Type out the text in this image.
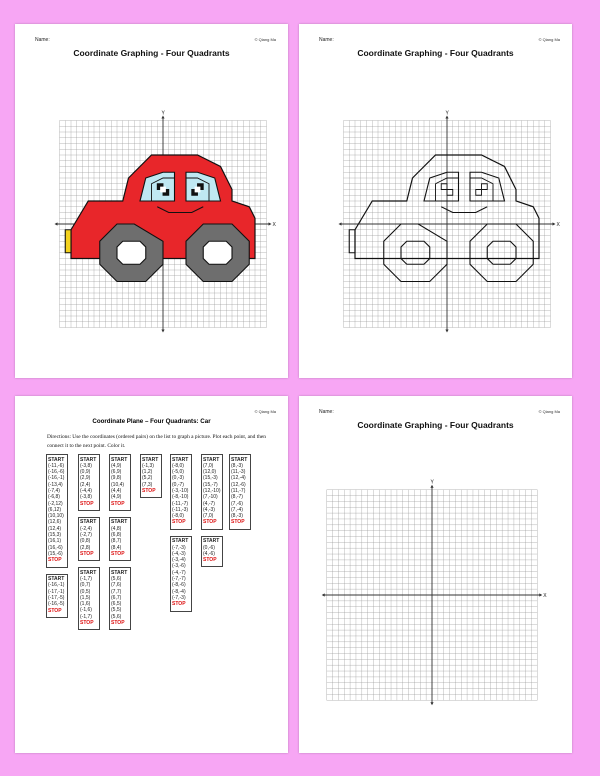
Name:	© Qiang Ma
Coordinate Graphing - Four Quadrants
X
Y
Name:	© Qiang Ma
Coordinate Graphing - Four Quadrants
X
Y
© Qiang Ma
Coordinate Plane – Four Quadrants: Car
Directions: Use the coordinates (ordered pairs) on the list to graph a picture. Plot each point, and then connect it to the next point. Color it.
START
(-11,-6)
(-16,-6)
(-16,-1)
(-13,4)
(-7,4)
(-6,8)
(-2,12)
(6,12)
(10,10)
(12,6)
(12,4)
(15,3)
(16,1)
(16,-6)
(15,-6)
STOP
START
(-16,-1)
(-17,-1)
(-17,-5)
(-16,-5)
STOP
START
(-3,8)
(0,9)
(2,9)
(2,4)
(-4,4)
(-3,8)
STOP
START
(-2,4)
(-2,7)
(0,8)
(2,8)
STOP
START
(-1,7)
(0,7)
(0,5)
(1,5)
(1,6)
(-1,6)
(-1,7)
STOP
START
(4,9)
(6,9)
(9,8)
(10,4)
(4,4)
(4,9)
STOP
START
(4,8)
(6,8)
(8,7)
(8,4)
STOP
START
(5,6)
(7,6)
(7,7)
(6,7)
(6,5)
(5,5)
(5,6)
STOP
START
(-1,3)
(1,2)
(5,2)
(7,3)
STOP
START
(-8,0)
(-5,0)
(0,-3)
(0,-7)
(-3,-10)
(-8,-10)
(-11,-7)
(-11,-3)
(-8,0)
STOP
START
(-7,-3)
(-4,-3)
(-3,-4)
(-3,-6)
(-4,-7)
(-7,-7)
(-8,-6)
(-8,-4)
(-7,-3)
STOP
START
(7,0)
(12,0)
(15,-3)
(15,-7)
(12,-10)
(7,-10)
(4,-7)
(4,-3)
(7,0)
STOP
START
(0,-6)
(4,-6)
STOP
START
(8,-3)
(11,-3)
(12,-4)
(12,-6)
(11,-7)
(8,-7)
(7,-6)
(7,-4)
(8,-3)
STOP
Name:	© Qiang Ma
Coordinate Graphing - Four Quadrants
X
Y
